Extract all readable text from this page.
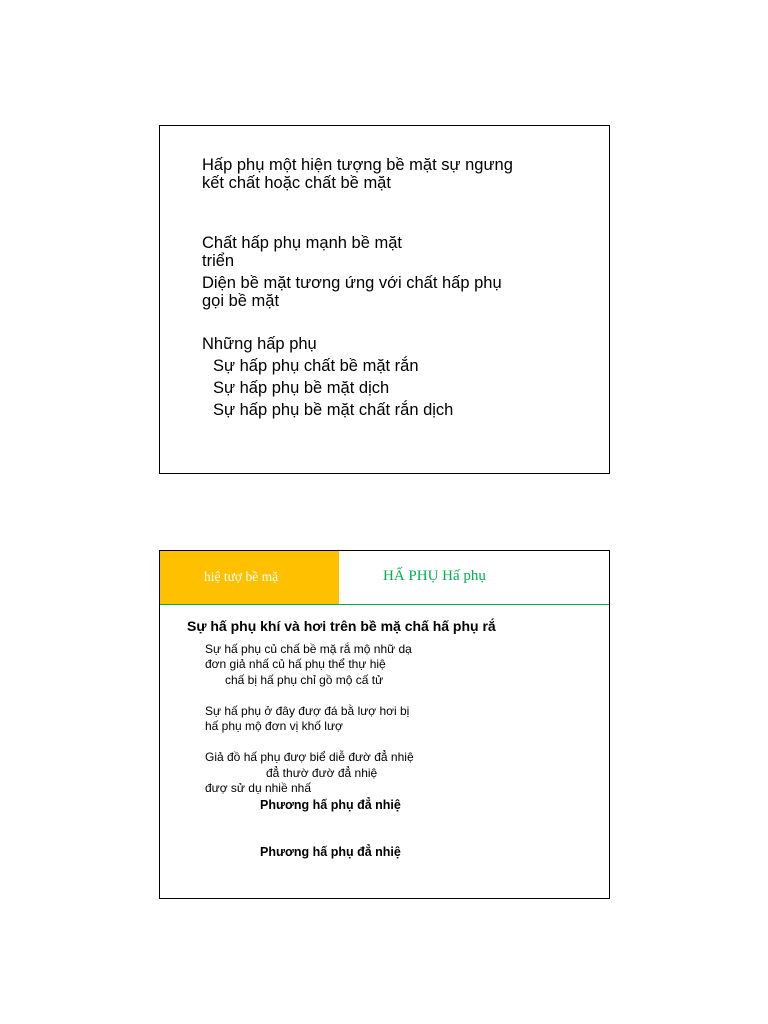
Hấp phụ một hiện tượng bề mặt sự ngưng
kết chất hoặc chất bề mặt
Chất hấp phụ mạnh bề mặt
triển
Diện bề mặt tương ứng với chất hấp phụ
gọi bề mặt
Những hấp phụ
Sự hấp phụ chất bề mặt rắn
Sự hấp phụ bề mặt dịch
Sự hấp phụ bề mặt chất rắn dịch
hiệ tượ bề mặ	HẤ PHỤ Hấ phụ
Sự hấ phụ khí và hơi trên bề mặ chấ hấ phụ rắ
Sự hấ phụ củ chấ bề mặ rắ mộ nhữ dạ
đơn giả nhấ củ hấ phụ thể thự hiệ
chấ bị hấ phụ chỉ gồ mộ cấ tử
Sự hấ phụ ở đây đượ đá bằ lượ hơi bị
hấ phụ mộ đơn vị khố lượ
Giả đồ hấ phụ đượ biể diễ đườ đẳ nhiệ
đẳ thườ đườ đẳ nhiệ
đượ sử dụ nhiề nhấ
Phương hấ phụ đẳ nhiệ
Phương hấ phụ đẳ nhiệ
